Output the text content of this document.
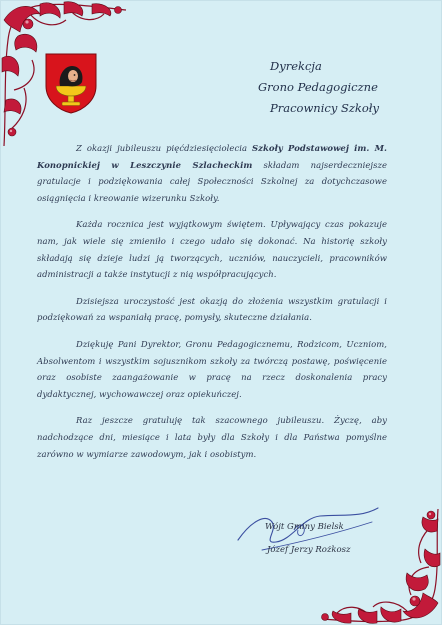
Dyrekcja
Grono Pedagogiczne
Pracownicy Szkoły

Z okazji jubileuszu pięćdziesięciolecia Szkoły Podstawowej im. M. Konopnickiej w Leszczynie Szlacheckim składam najserdeczniejsze gratulacje i podziękowania całej Społeczności Szkolnej za dotychczasowe osiągnięcia i kreowanie wizerunku Szkoły.

Każda rocznica jest wyjątkowym świętem. Upływający czas pokazuje nam, jak wiele się zmieniło i czego udało się dokonać. Na historię szkoły składają się dzieje ludzi ją tworzących, uczniów, nauczycieli, pracowników administracji a także instytucji z nią współpracujących.

Dzisiejsza uroczystość jest okazją do złożenia wszystkim gratulacji i podziękowań za wspaniałą pracę, pomysły, skuteczne działania.

Dziękuję Pani Dyrektor, Gronu Pedagogicznemu, Rodzicom, Uczniom, Absolwentom i wszystkim sojusznikom szkoły za twórczą postawę, poświęcenie oraz osobiste zaangażowanie w pracę na rzecz doskonalenia pracy dydaktycznej, wychowawczej oraz opiekuńczej.

Raz jeszcze gratuluję tak szacownego jubileuszu. Życzę, aby nadchodzące dni, miesiące i lata były dla Szkoły i dla Państwa pomyślne zarówno w wymiarze zawodowym, jak i osobistym.

Wójt Gminy Bielsk
Józef Jerzy Rożkosz
